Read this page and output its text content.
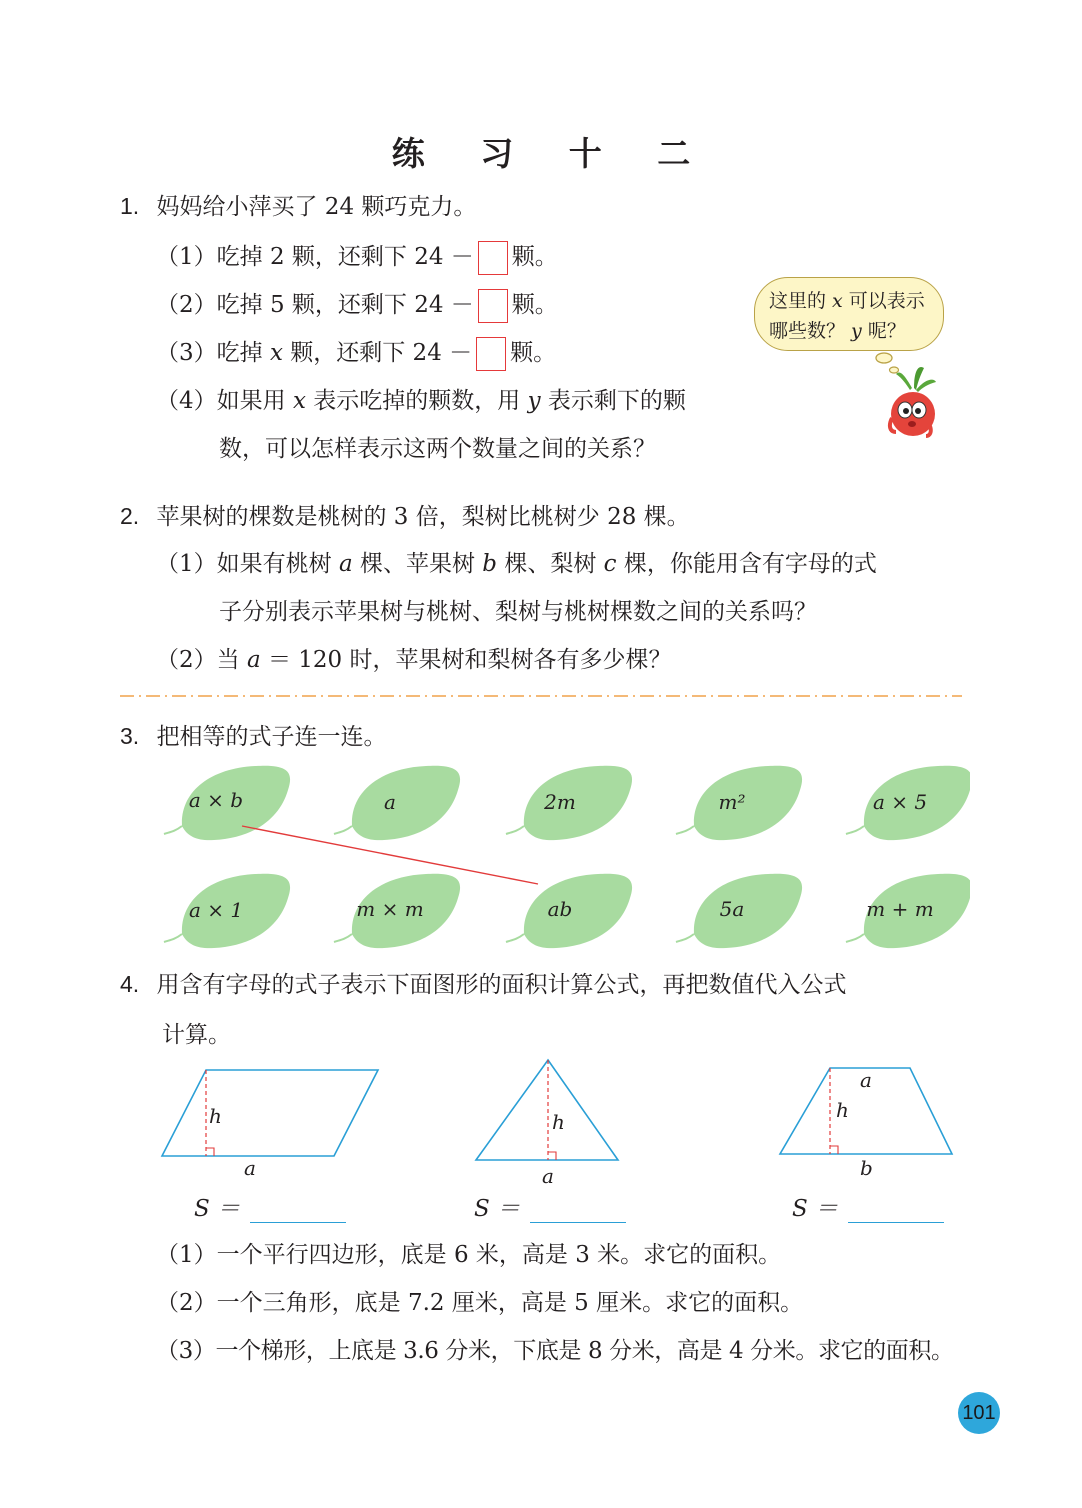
练 习 十 二
1. 妈妈给小萍买了 24 颗巧克力。
（1）吃掉 2 颗，还剩下 24 － 颗。
（2）吃掉 5 颗，还剩下 24 － 颗。
（3）吃掉 x 颗，还剩下 24 － 颗。
（4）如果用 x 表示吃掉的颗数，用 y 表示剩下的颗
数，可以怎样表示这两个数量之间的关系？
这里的 x 可以表示哪些数？ y 呢？
2. 苹果树的棵数是桃树的 3 倍，梨树比桃树少 28 棵。
（1）如果有桃树 a 棵、苹果树 b 棵、梨树 c 棵，你能用含有字母的式
子分别表示苹果树与桃树、梨树与桃树棵数之间的关系吗？
（2）当 a ＝ 120 时，苹果树和梨树各有多少棵？
3. 把相等的式子连一连。
a × b	a	2m	m²	a × 5
a × 1	m × m	ab	5a	m + m
4. 用含有字母的式子表示下面图形的面积计算公式，再把数值代入公式
计算。
h
a
h
a
a
h
b
S ＝	S ＝	S ＝
（1）一个平行四边形，底是 6 米，高是 3 米。求它的面积。
（2）一个三角形，底是 7.2 厘米，高是 5 厘米。求它的面积。
（3）一个梯形，上底是 3.6 分米，下底是 8 分米，高是 4 分米。求它的面积。
101
